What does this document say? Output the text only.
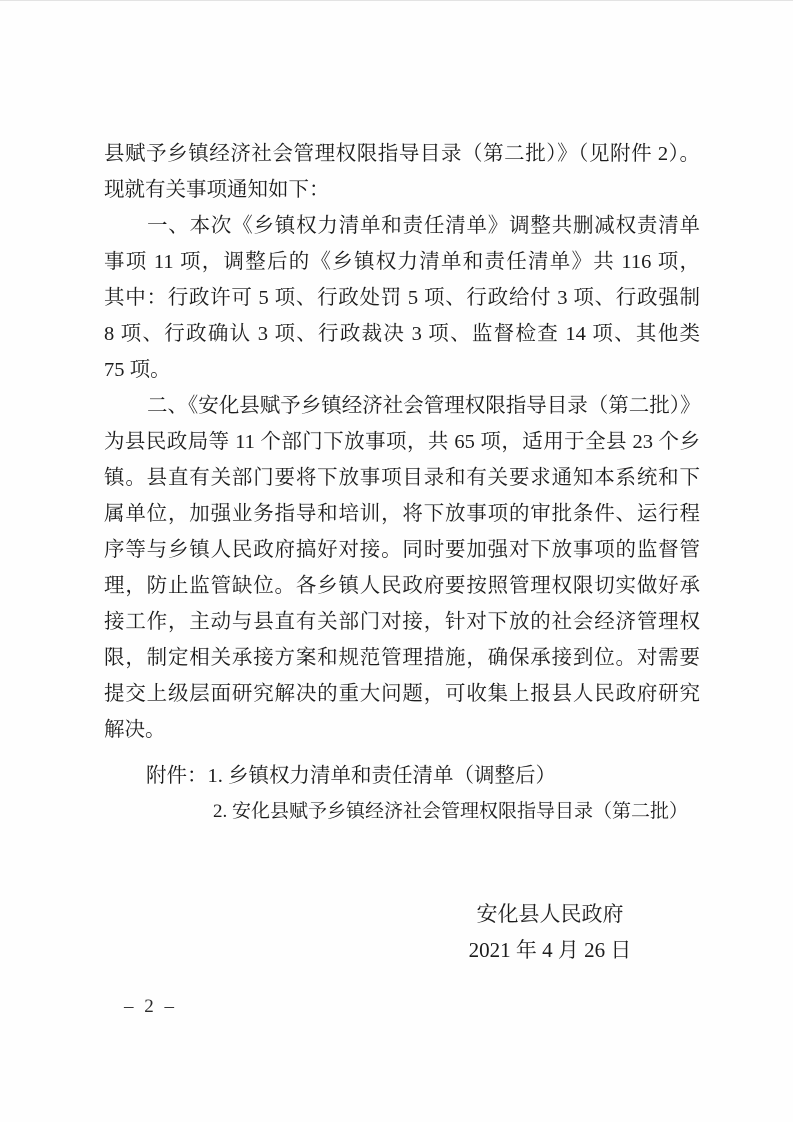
县赋予乡镇经济社会管理权限指导目录（第二批）》（见附件 2）。
现就有关事项通知如下：
一、本次《乡镇权力清单和责任清单》调整共删减权责清单
事项 11 项，调整后的《乡镇权力清单和责任清单》共 116 项，
其中：行政许可 5 项、行政处罚 5 项、行政给付 3 项、行政强制
8 项、行政确认 3 项、行政裁决 3 项、监督检查 14 项、其他类
75 项。
二、《安化县赋予乡镇经济社会管理权限指导目录（第二批）》
为县民政局等 11 个部门下放事项，共 65 项，适用于全县 23 个乡
镇。县直有关部门要将下放事项目录和有关要求通知本系统和下
属单位，加强业务指导和培训，将下放事项的审批条件、运行程
序等与乡镇人民政府搞好对接。同时要加强对下放事项的监督管
理，防止监管缺位。各乡镇人民政府要按照管理权限切实做好承
接工作，主动与县直有关部门对接，针对下放的社会经济管理权
限，制定相关承接方案和规范管理措施，确保承接到位。对需要
提交上级层面研究解决的重大问题，可收集上报县人民政府研究
解决。
附件：1. 乡镇权力清单和责任清单（调整后）
2. 安化县赋予乡镇经济社会管理权限指导目录（第二批）
安化县人民政府
2021 年 4 月 26 日
– 2 –
